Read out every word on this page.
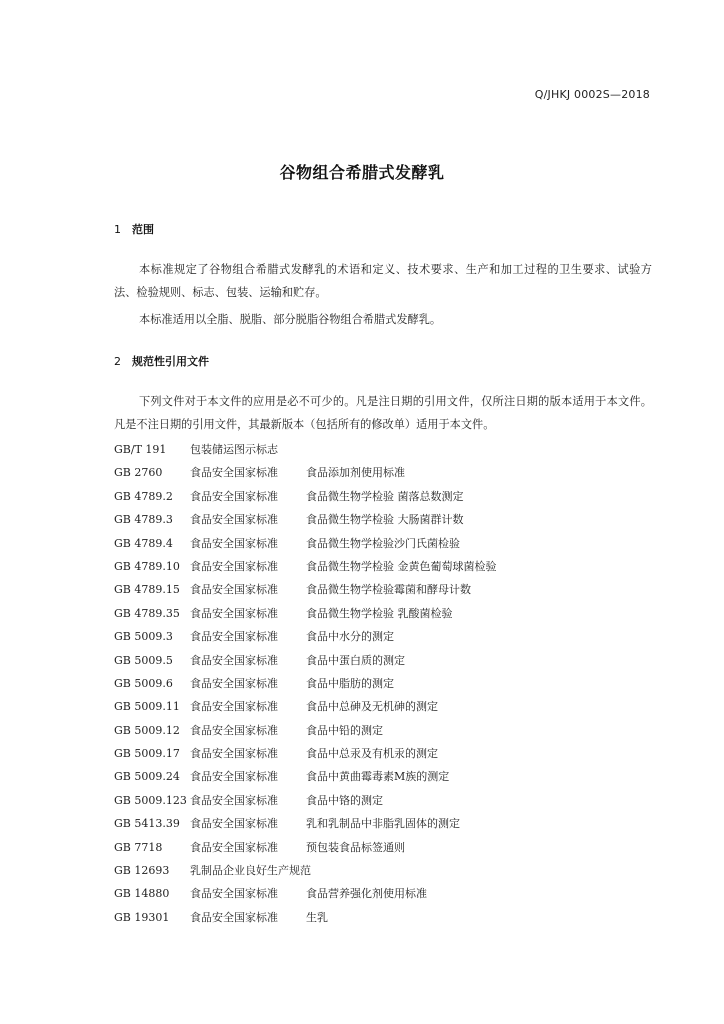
Q/JHKJ 0002S—2018
谷物组合希腊式发酵乳
1 范围

本标准规定了谷物组合希腊式发酵乳的术语和定义、技术要求、生产和加工过程的卫生要求、试验方法、检验规则、标志、包装、运输和贮存。

本标准适用以全脂、脱脂、部分脱脂谷物组合希腊式发酵乳。
2 规范性引用文件

下列文件对于本文件的应用是必不可少的。凡是注日期的引用文件，仅所注日期的版本适用于本文件。凡是不注日期的引用文件，其最新版本（包括所有的修改单）适用于本文件。

GB/T 191	包装储运图示标志
GB 2760	食品安全国家标准	食品添加剂使用标准
GB 4789.2	食品安全国家标准	食品微生物学检验 菌落总数测定
GB 4789.3	食品安全国家标准	食品微生物学检验 大肠菌群计数
GB 4789.4	食品安全国家标准	食品微生物学检验沙门氏菌检验
GB 4789.10 食品安全国家标准	食品微生物学检验 金黄色葡萄球菌检验
GB 4789.15 食品安全国家标准	食品微生物学检验霉菌和酵母计数
GB 4789.35 食品安全国家标准	食品微生物学检验 乳酸菌检验
GB 5009.3	食品安全国家标准	食品中水分的测定
GB 5009.5	食品安全国家标准	食品中蛋白质的测定
GB 5009.6	食品安全国家标准	食品中脂肪的测定
GB 5009.11 食品安全国家标准	食品中总砷及无机砷的测定
GB 5009.12 食品安全国家标准	食品中铅的测定
GB 5009.17 食品安全国家标准	食品中总汞及有机汞的测定
GB 5009.24 食品安全国家标准	食品中黄曲霉毒素M族的测定
GB 5009.123 食品安全国家标准	食品中铬的测定
GB 5413.39 食品安全国家标准	乳和乳制品中非脂乳固体的测定
GB 7718	食品安全国家标准	预包装食品标签通则
GB 12693	乳制品企业良好生产规范
GB 14880	食品安全国家标准	食品营养强化剂使用标准
GB 19301	食品安全国家标准	生乳
